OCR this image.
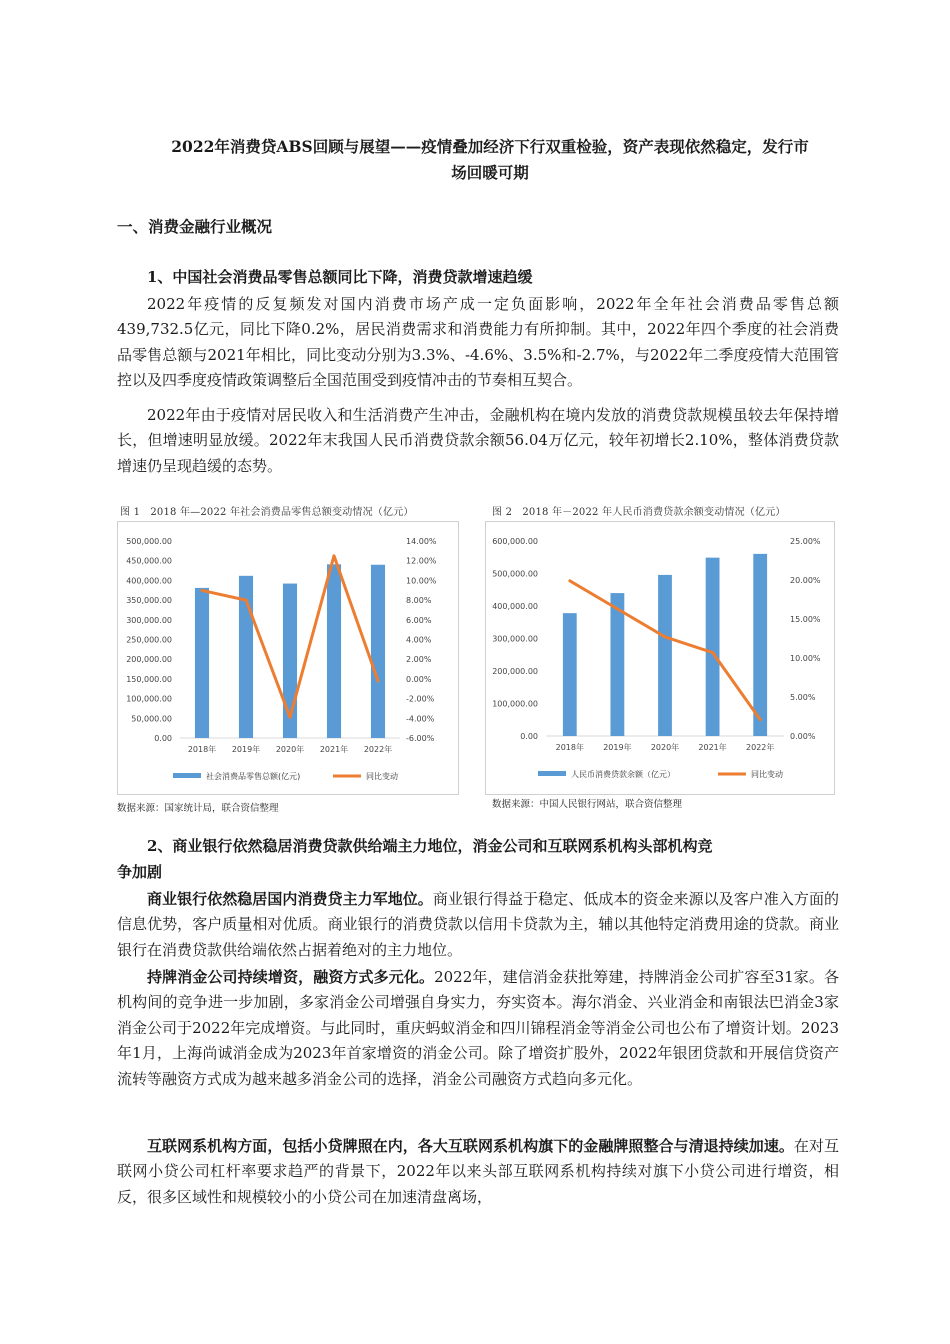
2022年消费贷ABS回顾与展望——疫情叠加经济下行双重检验，资产表现依然稳定，发行市
场回暖可期
一、消费金融行业概况
1、中国社会消费品零售总额同比下降，消费贷款增速趋缓

2022年疫情的反复频发对国内消费市场产成一定负面影响，2022年全年社会消费品零售总额439,732.5亿元，同比下降0.2%，居民消费需求和消费能力有所抑制。其中，2022年四个季度的社会消费品零售总额与2021年相比，同比变动分别为3.3%、-4.6%、3.5%和-2.7%，与2022年二季度疫情大范围管控以及四季度疫情政策调整后全国范围受到疫情冲击的节奏相互契合。

2022年由于疫情对居民收入和生活消费产生冲击，金融机构在境内发放的消费贷款规模虽较去年保持增长，但增速明显放缓。2022年末我国人民币消费贷款余额56.04万亿元，较年初增长2.10%，整体消费贷款增速仍呈现趋缓的态势。

图 1　2018 年—2022 年社会消费品零售总额变动情况（亿元）
0.00
50,000.00
100,000.00
150,000.00
200,000.00
250,000.00
300,000.00
350,000.00
400,000.00
450,000.00
500,000.00
-6.00%
-4.00%
-2.00%
0.00%
2.00%
4.00%
6.00%
8.00%
10.00%
12.00%
14.00%
2018年 2019年 2020年 2021年 2022年
社会消费品零售总额(亿元)	同比变动
数据来源：国家统计局，联合资信整理
图 2　2018 年－2022 年人民币消费贷款余额变动情况（亿元）
0.00
100,000.00
200,000.00
300,000.00
400,000.00
500,000.00
600,000.00
0.00%
5.00%
10.00%
15.00%
20.00%
25.00%
2018年 2019年 2020年 2021年 2022年
人民币消费贷款余额（亿元）	同比变动
数据来源：中国人民银行网站，联合资信整理
2、商业银行依然稳居消费贷款供给端主力地位，消金公司和互联网系机构头部机构竞
争加剧

商业银行依然稳居国内消费贷主力军地位。商业银行得益于稳定、低成本的资金来源以及客户准入方面的信息优势，客户质量相对优质。商业银行的消费贷款以信用卡贷款为主，辅以其他特定消费用途的贷款。商业银行在消费贷款供给端依然占据着绝对的主力地位。

持牌消金公司持续增资，融资方式多元化。2022年，建信消金获批筹建，持牌消金公司扩容至31家。各机构间的竞争进一步加剧，多家消金公司增强自身实力，夯实资本。海尔消金、兴业消金和南银法巴消金3家消金公司于2022年完成增资。与此同时，重庆蚂蚁消金和四川锦程消金等消金公司也公布了增资计划。2023年1月，上海尚诚消金成为2023年首家增资的消金公司。除了增资扩股外，2022年银团贷款和开展信贷资产流转等融资方式成为越来越多消金公司的选择，消金公司融资方式趋向多元化。

互联网系机构方面，包括小贷牌照在内，各大互联网系机构旗下的金融牌照整合与清退持续加速。在对互联网小贷公司杠杆率要求趋严的背景下，2022年以来头部互联网系机构持续对旗下小贷公司进行增资，相反，很多区域性和规模较小的小贷公司在加速清盘离场，
